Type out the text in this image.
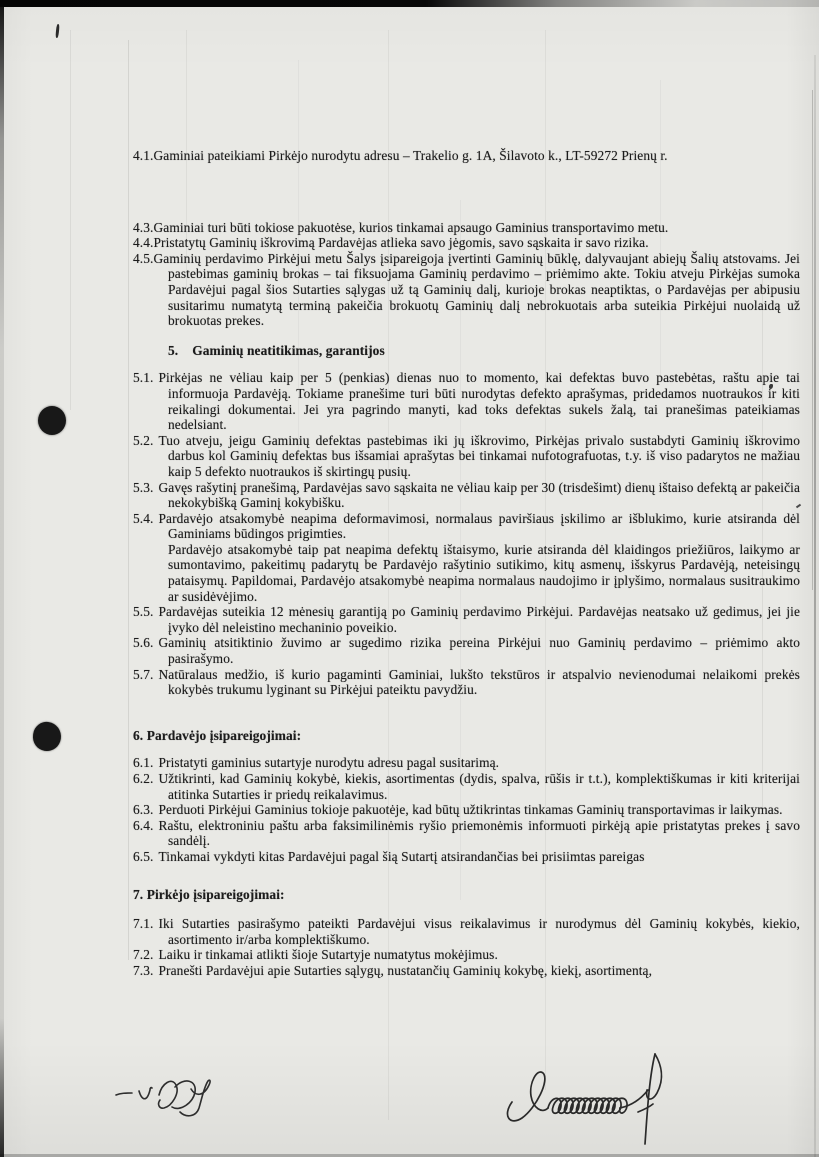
4.1.Gaminiai pateikiami Pirkėjo nurodytu adresu – Trakelio g. 1A, Šilavoto k., LT-59272 Prienų r.
4.3.Gaminiai turi būti tokiose pakuotėse, kurios tinkamai apsaugo Gaminius transportavimo metu.
4.4.Pristatytų Gaminių iškrovimą Pardavėjas atlieka savo jėgomis, savo sąskaita ir savo rizika.
4.5.Gaminių perdavimo Pirkėjui metu Šalys įsipareigoja įvertinti Gaminių būklę, dalyvaujant abiejų Šalių atstovams. Jei pastebimas gaminių brokas – tai fiksuojama Gaminių perdavimo – priėmimo akte. Tokiu atveju Pirkėjas sumoka Pardavėjui pagal šios Sutarties sąlygas už tą Gaminių dalį, kurioje brokas neaptiktas, o Pardavėjas per abipusiu susitarimu numatytą terminą pakeičia brokuotų Gaminių dalį nebrokuotais arba suteikia Pirkėjui nuolaidą už brokuotas prekes.
5. Gaminių neatitikimas, garantijos
5.1. Pirkėjas ne vėliau kaip per 5 (penkias) dienas nuo to momento, kai defektas buvo pastebėtas, raštu apie tai informuoja Pardavėją. Tokiame pranešime turi būti nurodytas defekto aprašymas, pridedamos nuotraukos ir kiti reikalingi dokumentai. Jei yra pagrindo manyti, kad toks defektas sukels žalą, tai pranešimas pateikiamas nedelsiant.
5.2. Tuo atveju, jeigu Gaminių defektas pastebimas iki jų iškrovimo, Pirkėjas privalo sustabdyti Gaminių iškrovimo darbus kol Gaminių defektas bus išsamiai aprašytas bei tinkamai nufotografuotas, t.y. iš viso padarytos ne mažiau kaip 5 defekto nuotraukos iš skirtingų pusių.
5.3. Gavęs rašytinį pranešimą, Pardavėjas savo sąskaita ne vėliau kaip per 30 (trisdešimt) dienų ištaiso defektą ar pakeičia nekokybišką Gaminį kokybišku.
5.4. Pardavėjo atsakomybė neapima deformavimosi, normalaus paviršiaus įskilimo ar išblukimo, kurie atsiranda dėl Gaminiams būdingos prigimties.
Pardavėjo atsakomybė taip pat neapima defektų ištaisymo, kurie atsiranda dėl klaidingos priežiūros, laikymo ar sumontavimo, pakeitimų padarytų be Pardavėjo rašytinio sutikimo, kitų asmenų, išskyrus Pardavėją, neteisingų pataisymų. Papildomai, Pardavėjo atsakomybė neapima normalaus naudojimo ir įplyšimo, normalaus susitraukimo ar susidėvėjimo.
5.5. Pardavėjas suteikia 12 mėnesių garantiją po Gaminių perdavimo Pirkėjui. Pardavėjas neatsako už gedimus, jei jie įvyko dėl neleistino mechaninio poveikio.
5.6. Gaminių atsitiktinio žuvimo ar sugedimo rizika pereina Pirkėjui nuo Gaminių perdavimo – priėmimo akto pasirašymo.
5.7. Natūralaus medžio, iš kurio pagaminti Gaminiai, lukšto tekstūros ir atspalvio nevienodumai nelaikomi prekės kokybės trukumu lyginant su Pirkėjui pateiktu pavydžiu.
6. Pardavėjo įsipareigojimai:
6.1. Pristatyti gaminius sutartyje nurodytu adresu pagal susitarimą.
6.2. Užtikrinti, kad Gaminių kokybė, kiekis, asortimentas (dydis, spalva, rūšis ir t.t.), komplektiškumas ir kiti kriterijai atitinka Sutarties ir priedų reikalavimus.
6.3. Perduoti Pirkėjui Gaminius tokioje pakuotėje, kad būtų užtikrintas tinkamas Gaminių transportavimas ir laikymas.
6.4. Raštu, elektroniniu paštu arba faksimilinėmis ryšio priemonėmis informuoti pirkėją apie pristatytas prekes į savo sandėlį.
6.5. Tinkamai vykdyti kitas Pardavėjui pagal šią Sutartį atsirandančias bei prisiimtas pareigas
7. Pirkėjo įsipareigojimai:
7.1. Iki Sutarties pasirašymo pateikti Pardavėjui visus reikalavimus ir nurodymus dėl Gaminių kokybės, kiekio, asortimento ir/arba komplektiškumo.
7.2. Laiku ir tinkamai atlikti šioje Sutartyje numatytus mokėjimus.
7.3. Pranešti Pardavėjui apie Sutarties sąlygų, nustatančių Gaminių kokybę, kiekį, asortimentą,
